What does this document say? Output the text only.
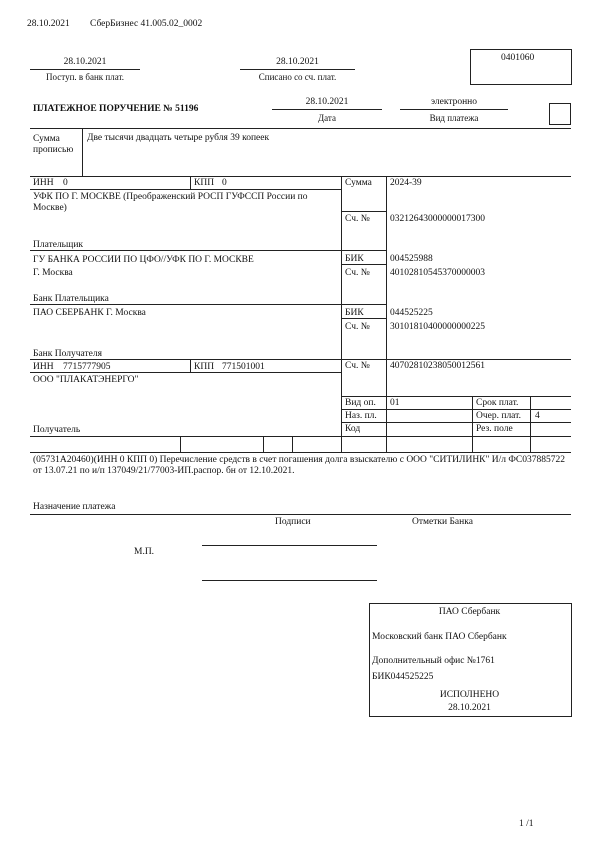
28.10.2021 СберБизнес 41.005.02_0002
28.10.2021
Поступ. в банк плат.
28.10.2021
Списано со сч. плат.
0401060
ПЛАТЕЖНОЕ ПОРУЧЕНИЕ № 51196
28.10.2021
Дата
электронно
Вид платежа
Сумма прописью
Две тысячи двадцать четыре рубля 39 копеек
ИНН 0	КПП 0
УФК ПО Г. МОСКВЕ (Преображенский РОСП ГУФССП России по Москве)
Плательщик
Сумма 2024-39
Сч. № 03212643000000017300
ГУ БАНКА РОССИИ ПО ЦФО//УФК ПО Г. МОСКВЕ
Г. Москва
Банк Плательщика
БИК	004525988
Сч. № 40102810545370000003
ПАО СБЕРБАНК Г. Москва
Банк Получателя
БИК	044525225
Сч. № 30101810400000000225
ИНН 7715777905	КПП 771501001
ООО "ПЛАКАТЭНЕРГО"
Получатель
Сч. № 40702810238050012561
Вид оп. 01	Срок плат.
Наз. пл.	Очер. плат. 4
Код	Рез. поле
(05731А20460)(ИНН 0 КПП 0) Перечисление средств в счет погашения долга взыскателю с ООО "СИТИЛИНК" И/л ФС037885722 от 13.07.21 по и/п 137049/21/77003-ИП.распор. бн от 12.10.2021.
Назначение платежа
Подписи	Отметки Банка
М.П.
ПАО Сбербанк
Московский банк ПАО Сбербанк
Дополнительный офис №1761
БИК044525225
ИСПОЛНЕНО
28.10.2021
1 /1
